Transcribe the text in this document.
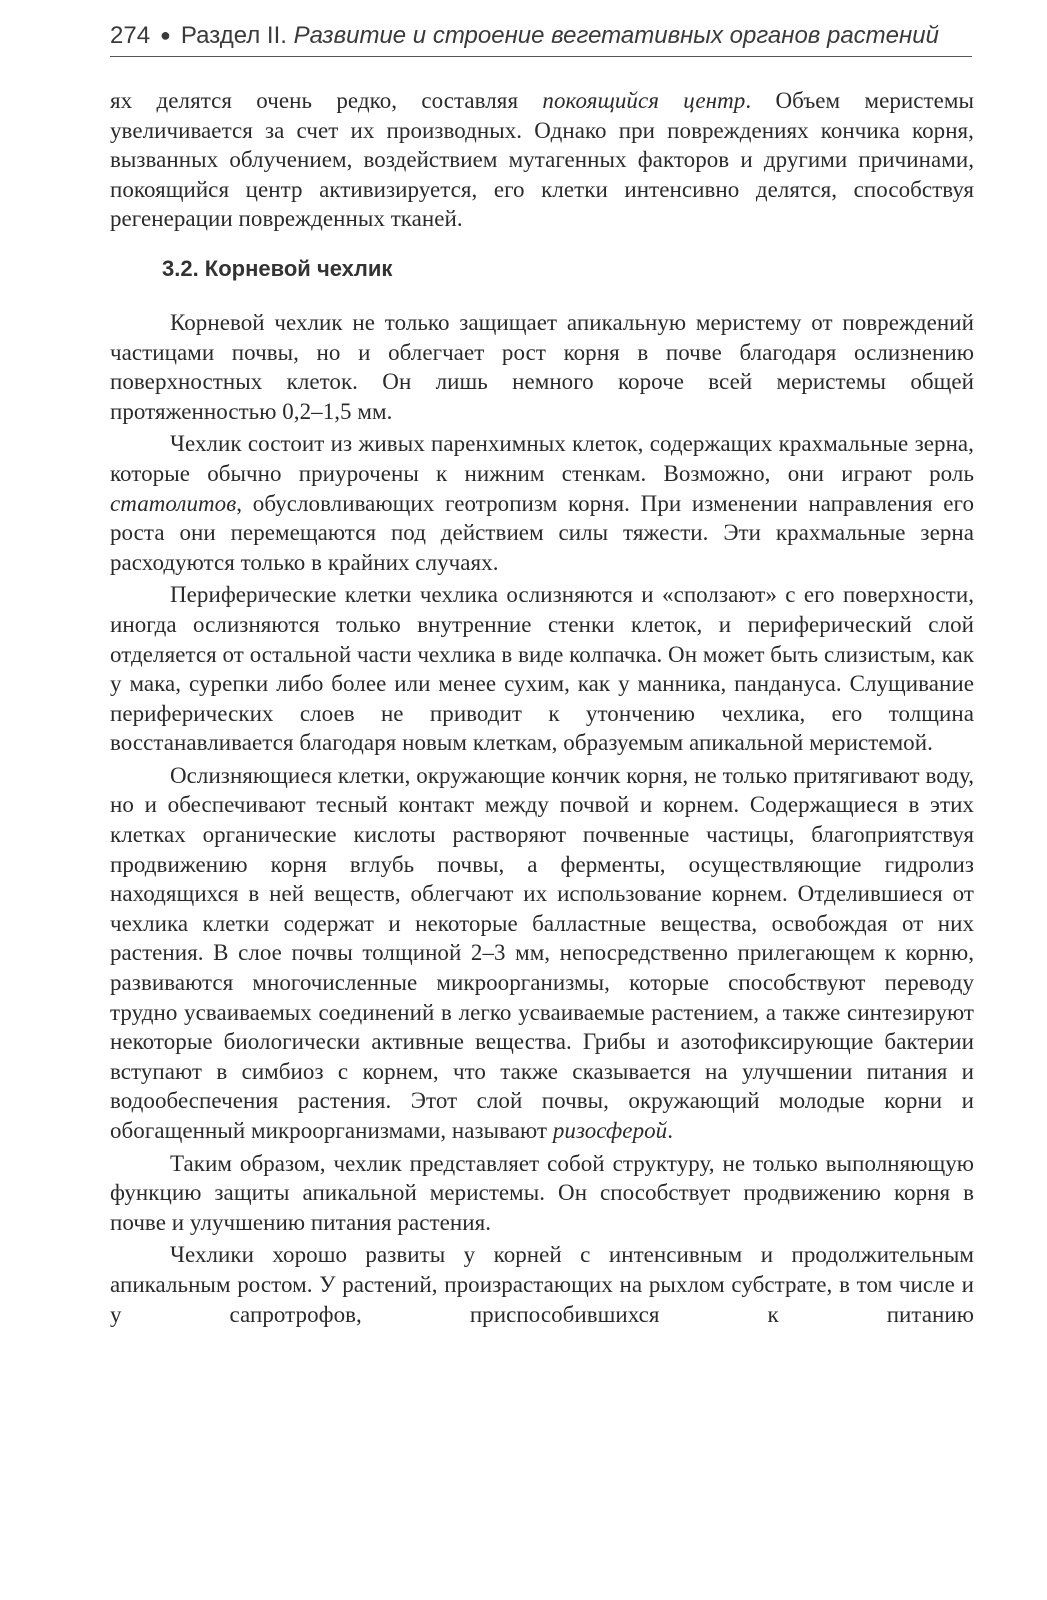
274 ● Раздел II. Развитие и строение вегетативных органов растений

ях делятся очень редко, составляя покоящийся центр. Объем меристемы увеличивается за счет их производных. Однако при повреждениях кончика корня, вызванных облучением, воздействием мутагенных факторов и другими причинами, покоящийся центр активизируется, его клетки интенсивно делятся, способствуя регенерации поврежденных тканей.

3.2. Корневой чехлик

Корневой чехлик не только защищает апикальную меристему от повреждений частицами почвы, но и облегчает рост корня в почве благодаря ослизнению поверхностных клеток. Он лишь немного короче всей меристемы общей протяженностью 0,2–1,5 мм.

Чехлик состоит из живых паренхимных клеток, содержащих крахмальные зерна, которые обычно приурочены к нижним стенкам. Возможно, они играют роль статолитов, обусловливающих геотропизм корня. При изменении направления его роста они перемещаются под действием силы тяжести. Эти крахмальные зерна расходуются только в крайних случаях.

Периферические клетки чехлика ослизняются и «сползают» с его поверхности, иногда ослизняются только внутренние стенки клеток, и периферический слой отделяется от остальной части чехлика в виде колпачка. Он может быть слизистым, как у мака, сурепки либо более или менее сухим, как у манника, пандануса. Слущивание периферических слоев не приводит к утончению чехлика, его толщина восстанавливается благодаря новым клеткам, образуемым апикальной меристемой.

Ослизняющиеся клетки, окружающие кончик корня, не только притягивают воду, но и обеспечивают тесный контакт между почвой и корнем. Содержащиеся в этих клетках органические кислоты растворяют почвенные частицы, благоприятствуя продвижению корня вглубь почвы, а ферменты, осуществляющие гидролиз находящихся в ней веществ, облегчают их использование корнем. Отделившиеся от чехлика клетки содержат и некоторые балластные вещества, освобождая от них растения. В слое почвы толщиной 2–3 мм, непосредственно прилегающем к корню, развиваются многочисленные микроорганизмы, которые способствуют переводу трудно усваиваемых соединений в легко усваиваемые растением, а также синтезируют некоторые биологически активные вещества. Грибы и азотофиксирующие бактерии вступают в симбиоз с корнем, что также сказывается на улучшении питания и водообеспечения растения. Этот слой почвы, окружающий молодые корни и обогащенный микроорганизмами, называют ризосферой.

Таким образом, чехлик представляет собой структуру, не только выполняющую функцию защиты апикальной меристемы. Он способствует продвижению корня в почве и улучшению питания растения.

Чехлики хорошо развиты у корней с интенсивным и продолжительным апикальным ростом. У растений, произрастающих на рыхлом субстрате, в том числе и у сапротрофов, приспособившихся к питанию
